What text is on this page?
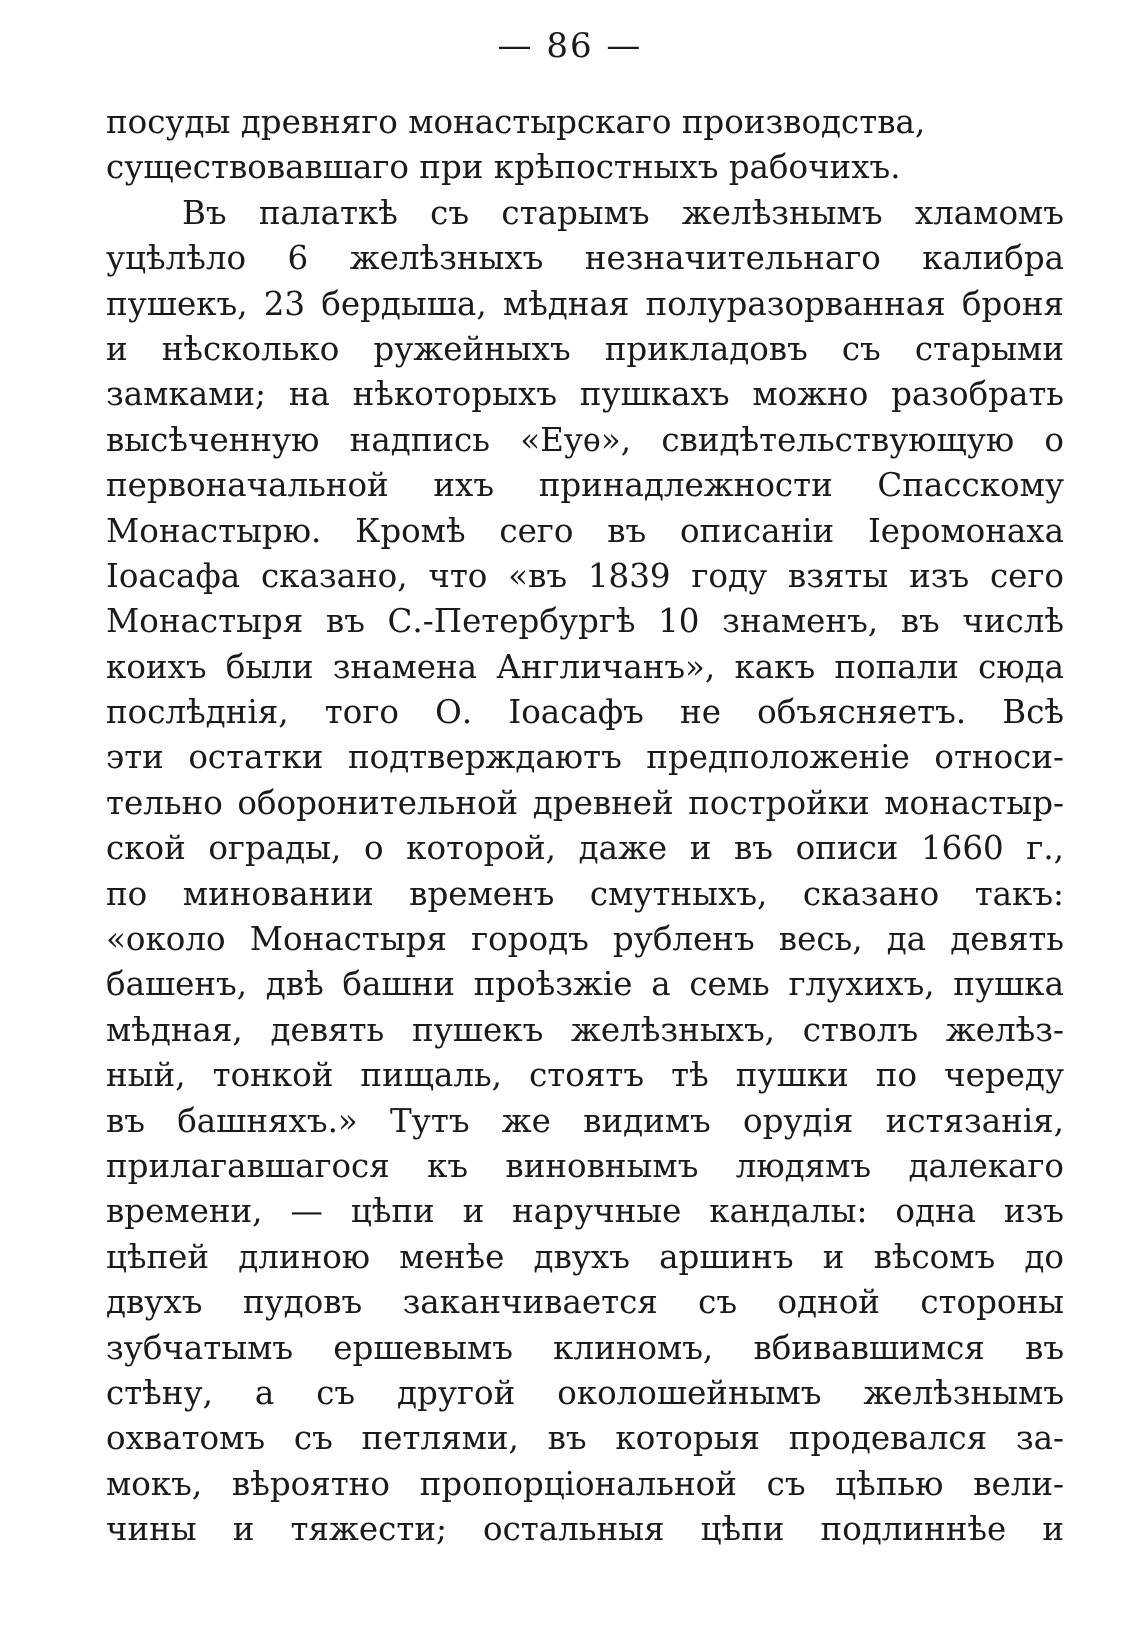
— 86 —
посуды древняго монастырскаго производства,
существовавшаго при крѣпостныхъ рабочихъ.
Въ палаткѣ съ старымъ желѣзнымъ хламомъ
уцѣлѣло 6 желѣзныхъ незначительнаго калибра
пушекъ, 23 бердыша, мѣдная полуразорванная броня
и нѣсколько ружейныхъ прикладовъ съ старыми
замками; на нѣкоторыхъ пушкахъ можно разобрать
высѣченную надпись «Еуѳ», свидѣтельствующую о
первоначальной ихъ принадлежности Спасскому
Монастырю. Кромѣ сего въ описанiи Iеромонаха
Iоасафа сказано, что «въ 1839 году взяты изъ сего
Монастыря въ С.-Петербургѣ 10 знаменъ, въ числѣ
коихъ были знамена Англичанъ», какъ попали сюда
послѣднiя, того О. Iоасафъ не объясняетъ. Всѣ
эти остатки подтверждаютъ предположенiе относи-
тельно оборонительной древней постройки монастыр-
ской ограды, о которой, даже и въ описи 1660 г.,
по миновании временъ смутныхъ, сказано такъ:
«около Монастыря городъ рубленъ весь, да девять
башенъ, двѣ башни проѣзжiе а семь глухихъ, пушка
мѣдная, девять пушекъ желѣзныхъ, стволъ желѣз-
ный, тонкой пищаль, стоятъ тѣ пушки по череду
въ башняхъ.» Тутъ же видимъ орудiя истязанiя,
прилагавшагося къ виновнымъ людямъ далекаго
времени, — цѣпи и наручные кандалы: одна изъ
цѣпей длиною менѣе двухъ аршинъ и вѣсомъ до
двухъ пудовъ заканчивается съ одной стороны
зубчатымъ ершевымъ клиномъ, вбивавшимся въ
стѣну, а съ другой околошейнымъ желѣзнымъ
охватомъ съ петлями, въ которыя продевался за-
мокъ, вѣроятно пропорцiональной съ цѣпью вели-
чины и тяжести; остальныя цѣпи подлиннѣе и
